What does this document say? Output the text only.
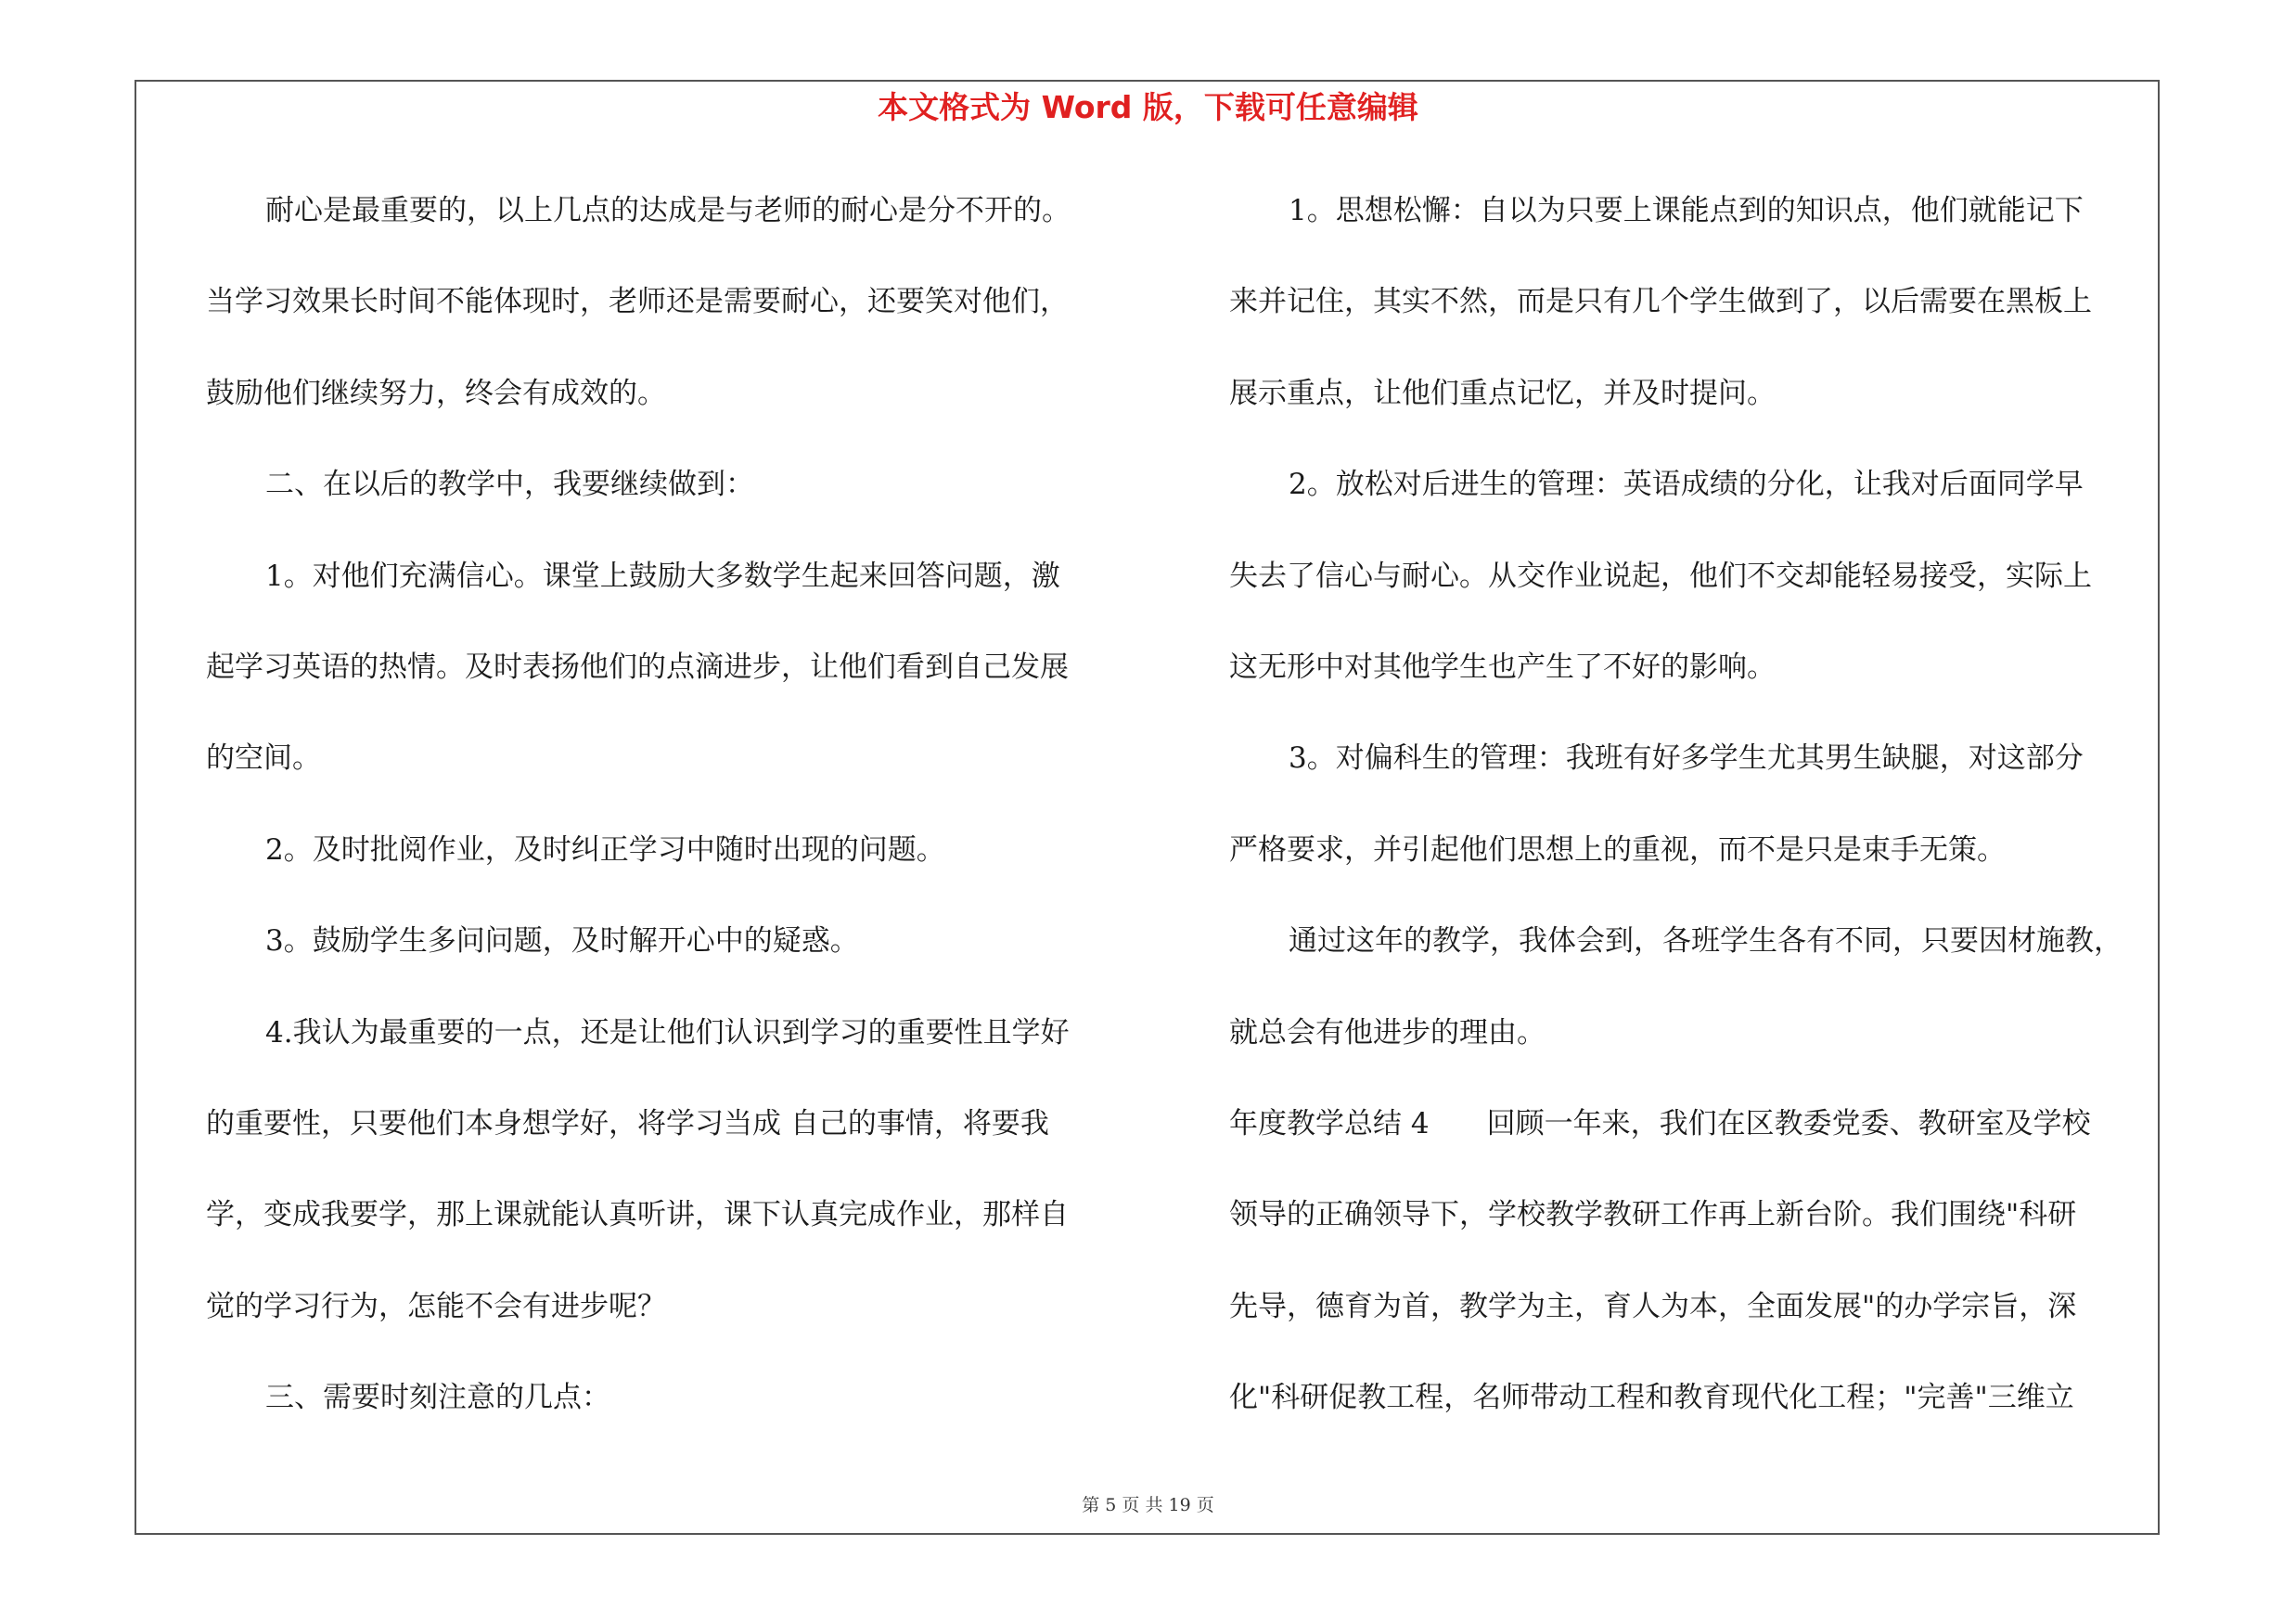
本文格式为 Word 版，下载可任意编辑
耐心是最重要的，以上几点的达成是与老师的耐心是分不开的。
当学习效果长时间不能体现时，老师还是需要耐心，还要笑对他们，
鼓励他们继续努力，终会有成效的。
二、在以后的教学中，我要继续做到：
1。对他们充满信心。课堂上鼓励大多数学生起来回答问题，激
起学习英语的热情。及时表扬他们的点滴进步，让他们看到自己发展
的空间。
2。及时批阅作业，及时纠正学习中随时出现的问题。
3。鼓励学生多问问题，及时解开心中的疑惑。
4.我认为最重要的一点，还是让他们认识到学习的重要性且学好
的重要性，只要他们本身想学好，将学习当成 自己的事情，将要我
学，变成我要学，那上课就能认真听讲，课下认真完成作业，那样自
觉的学习行为，怎能不会有进步呢？
三、需要时刻注意的几点：
1。思想松懈：自以为只要上课能点到的知识点，他们就能记下
来并记住，其实不然，而是只有几个学生做到了，以后需要在黑板上
展示重点，让他们重点记忆，并及时提问。
2。放松对后进生的管理：英语成绩的分化，让我对后面同学早
失去了信心与耐心。从交作业说起，他们不交却能轻易接受，实际上
这无形中对其他学生也产生了不好的影响。
3。对偏科生的管理：我班有好多学生尤其男生缺腿，对这部分
严格要求，并引起他们思想上的重视，而不是只是束手无策。
通过这年的教学，我体会到，各班学生各有不同，只要因材施教，
就总会有他进步的理由。
年度教学总结 4　　回顾一年来，我们在区教委党委、教研室及学校
领导的正确领导下，学校教学教研工作再上新台阶。我们围绕"科研
先导，德育为首，教学为主，育人为本，全面发展"的办学宗旨，深
化"科研促教工程，名师带动工程和教育现代化工程；"完善"三维立
第 5 页 共 19 页
